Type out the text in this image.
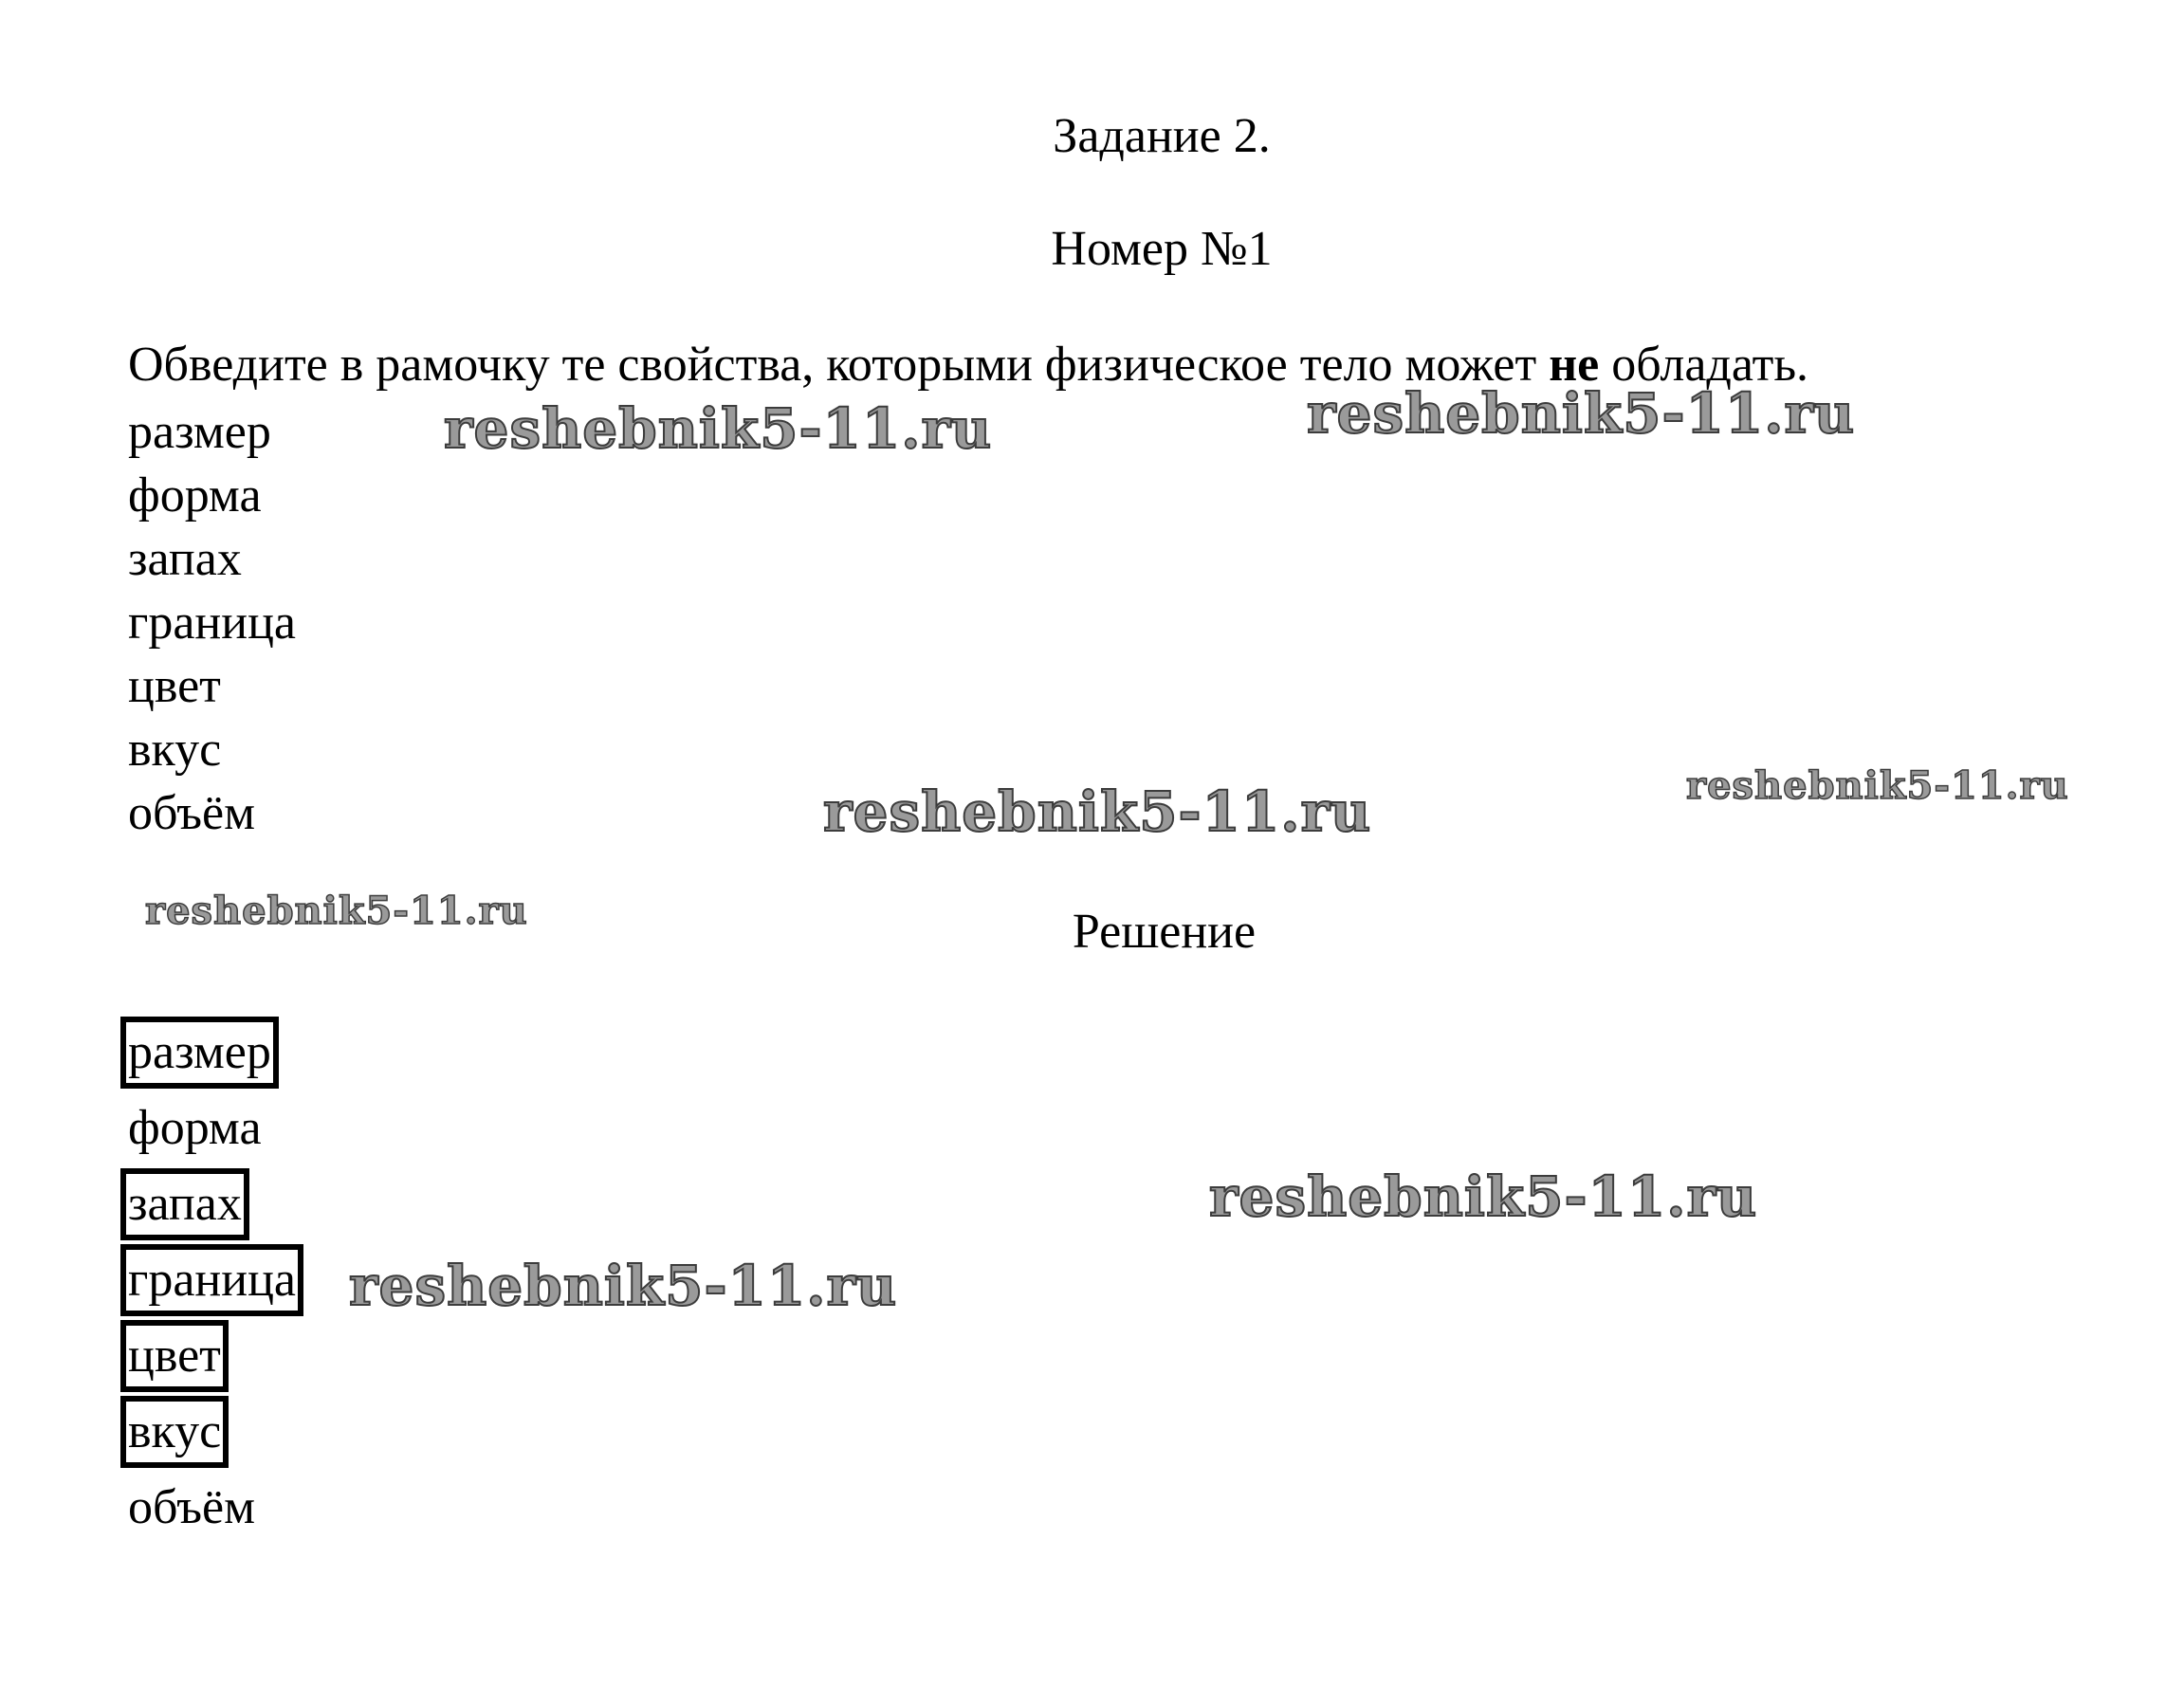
Задание 2.
Номер №1
Обведите в рамочку те свойства, которыми физическое тело может не обладать.
размер
форма
запах
граница
цвет
вкус
объём
Решение
размер
форма
запах
граница
цвет
вкус
объём
reshebnik5-11.ru	reshebnik5-11.ru
reshebnik5-11.ru	reshebnik5-11.ru
reshebnik5-11.ru
reshebnik5-11.ru
reshebnik5-11.ru
